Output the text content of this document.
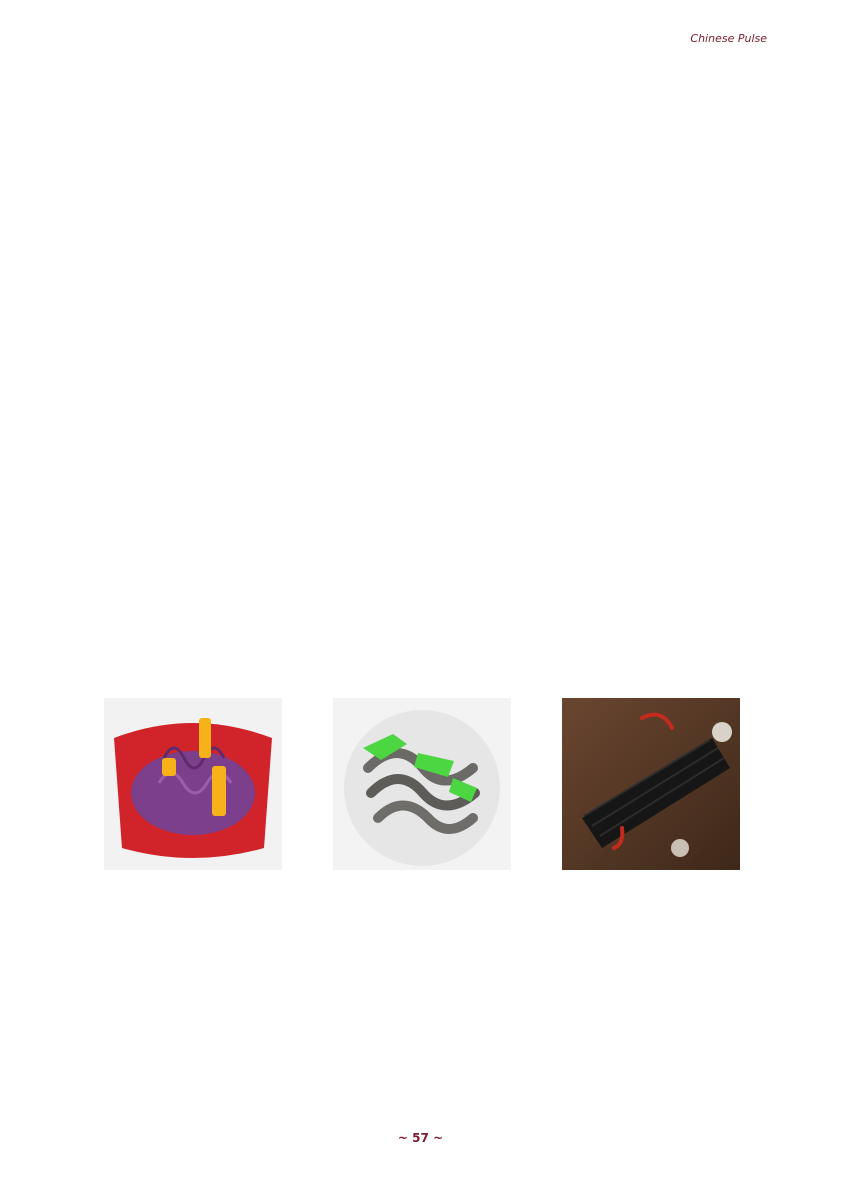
Chinese Pulse

~ 57 ~
